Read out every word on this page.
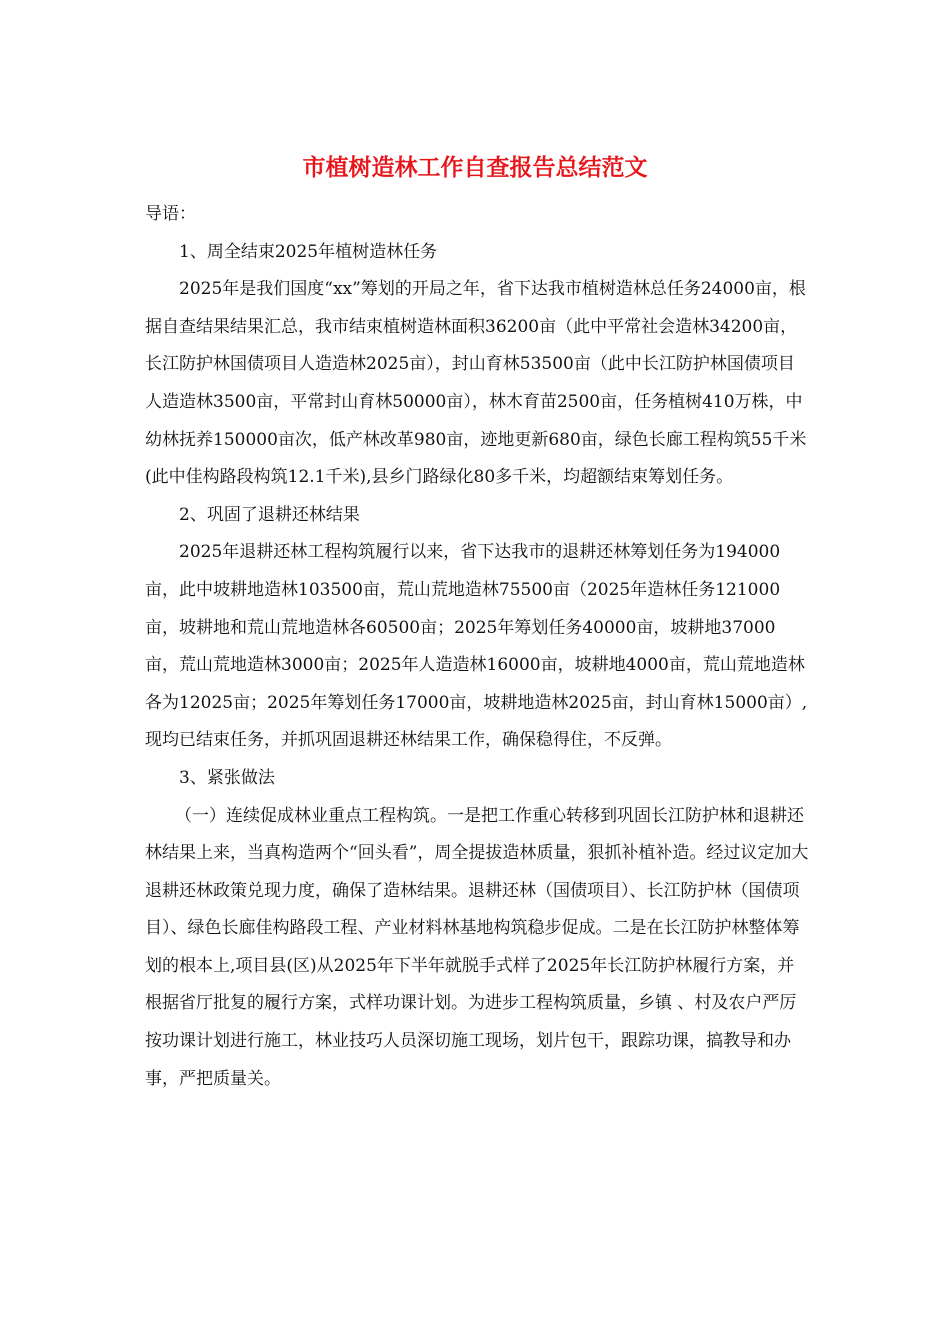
市植树造林工作自查报告总结范文

导语：

1、周全结束2025年植树造林任务

2025年是我们国度“xx”筹划的开局之年，省下达我市植树造林总任务24000亩，根据自查结果结果汇总，我市结束植树造林面积36200亩（此中平常社会造林34200亩，长江防护林国债项目人造造林2025亩），封山育林53500亩（此中长江防护林国债项目人造造林3500亩，平常封山育林50000亩），林木育苗2500亩，任务植树410万株，中幼林抚养150000亩次，低产林改革980亩，迹地更新680亩，绿色长廊工程构筑55千米(此中佳构路段构筑12.1千米),县乡门路绿化80多千米，均超额结束筹划任务。

2、巩固了退耕还林结果

2025年退耕还林工程构筑履行以来，省下达我市的退耕还林筹划任务为194000亩，此中坡耕地造林103500亩，荒山荒地造林75500亩（2025年造林任务121000亩，坡耕地和荒山荒地造林各60500亩；2025年筹划任务40000亩，坡耕地37000亩，荒山荒地造林3000亩；2025年人造造林16000亩，坡耕地4000亩，荒山荒地造林各为12025亩；2025年筹划任务17000亩，坡耕地造林2025亩，封山育林15000亩）,现均已结束任务，并抓巩固退耕还林结果工作，确保稳得住，不反弹。

3、紧张做法

（一）连续促成林业重点工程构筑。一是把工作重心转移到巩固长江防护林和退耕还林结果上来，当真构造两个“回头看”，周全提拔造林质量，狠抓补植补造。经过议定加大退耕还林政策兑现力度，确保了造林结果。退耕还林（国债项目）、长江防护林（国债项目）、绿色长廊佳构路段工程、产业材料林基地构筑稳步促成。二是在长江防护林整体筹划的根本上,项目县(区)从2025年下半年就脱手式样了2025年长江防护林履行方案，并根据省厅批复的履行方案，式样功课计划。为进步工程构筑质量，乡镇 、村及农户严厉按功课计划进行施工，林业技巧人员深切施工现场，划片包干，跟踪功课，搞教导和办事，严把质量关。
